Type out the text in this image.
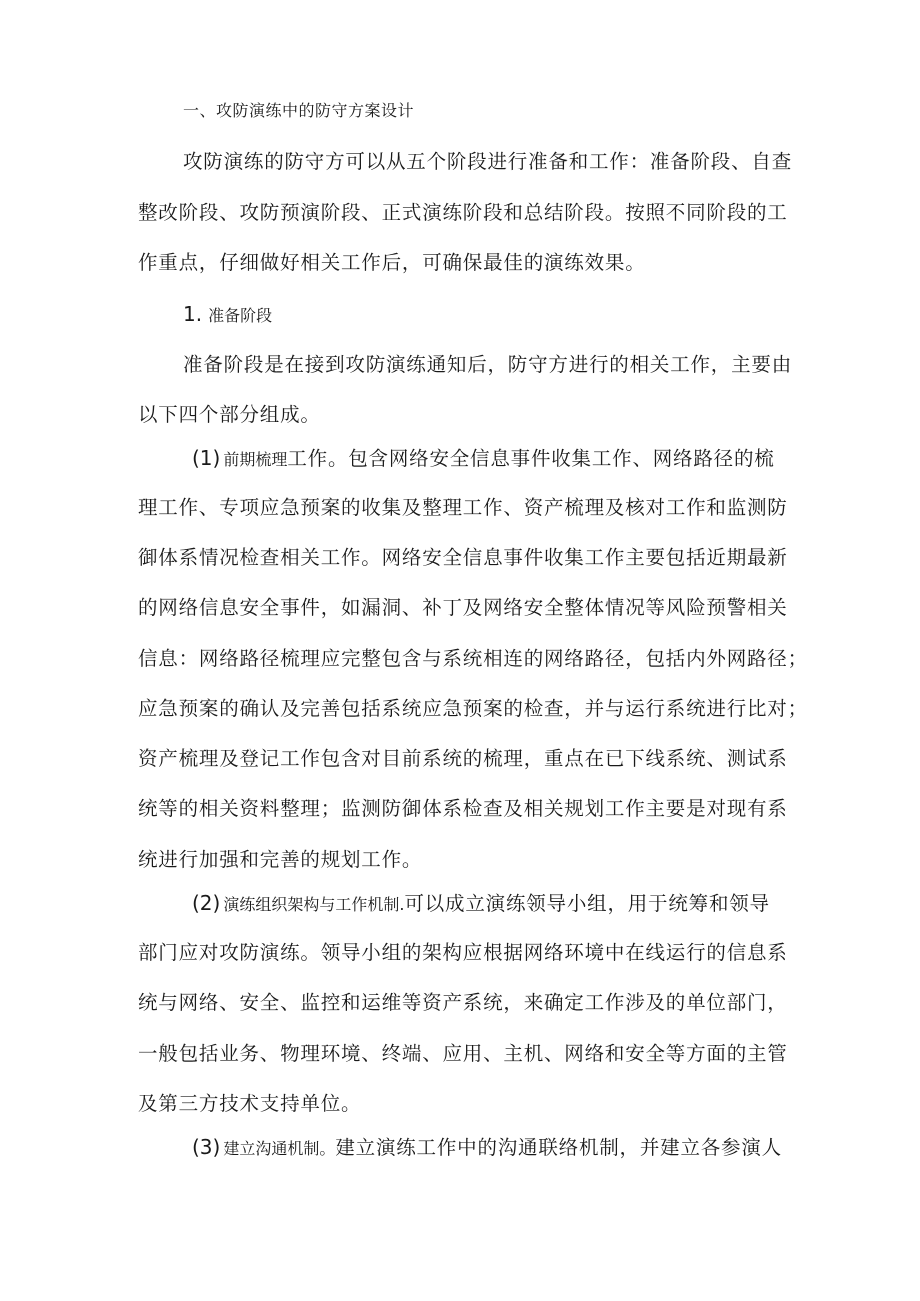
一、攻防演练中的防守方案设计
攻防演练的防守方可以从五个阶段进行准备和工作：准备阶段、自查
整改阶段、攻防预演阶段、正式演练阶段和总结阶段。按照不同阶段的工
作重点，仔细做好相关工作后，可确保最佳的演练效果。
1. 准备阶段
准备阶段是在接到攻防演练通知后，防守方进行的相关工作，主要由
以下四个部分组成。
(1) 前期梳理工作。包含网络安全信息事件收集工作、网络路径的梳
理工作、专项应急预案的收集及整理工作、资产梳理及核对工作和监测防
御体系情况检查相关工作。网络安全信息事件收集工作主要包括近期最新
的网络信息安全事件，如漏洞、补丁及网络安全整体情况等风险预警相关
信息：网络路径梳理应完整包含与系统相连的网络路径，包括内外网路径；
应急预案的确认及完善包括系统应急预案的检查，并与运行系统进行比对；
资产梳理及登记工作包含对目前系统的梳理，重点在已下线系统、测试系
统等的相关资料整理；监测防御体系检查及相关规划工作主要是对现有系
统进行加强和完善的规划工作。
(2) 演练组织架构与工作机制.可以成立演练领导小组，用于统筹和领导
部门应对攻防演练。领导小组的架构应根据网络环境中在线运行的信息系
统与网络、安全、监控和运维等资产系统，来确定工作涉及的单位部门，
一般包括业务、物理环境、终端、应用、主机、网络和安全等方面的主管
及第三方技术支持单位。
(3) 建立沟通机制。建立演练工作中的沟通联络机制，并建立各参演人
